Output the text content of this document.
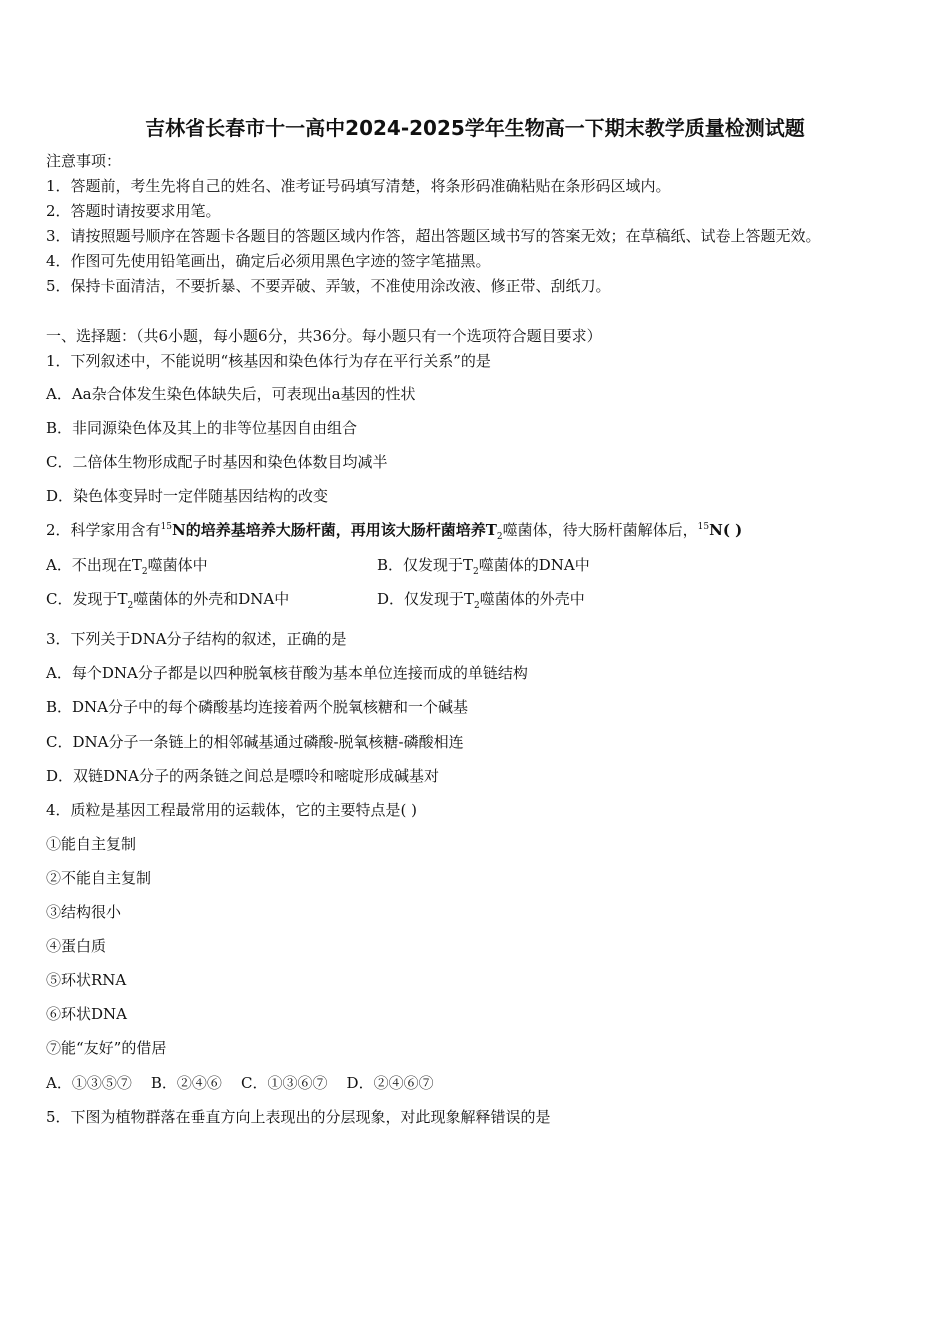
吉林省长春市十一高中2024-2025学年生物高一下期末教学质量检测试题
注意事项：
1．答题前，考生先将自己的姓名、准考证号码填写清楚，将条形码准确粘贴在条形码区域内。
2．答题时请按要求用笔。
3．请按照题号顺序在答题卡各题目的答题区域内作答，超出答题区域书写的答案无效；在草稿纸、试卷上答题无效。
4．作图可先使用铅笔画出，确定后必须用黑色字迹的签字笔描黑。
5．保持卡面清洁，不要折暴、不要弄破、弄皱，不准使用涂改液、修正带、刮纸刀。
一、选择题：（共6小题，每小题6分，共36分。每小题只有一个选项符合题目要求）
1．下列叙述中，不能说明“核基因和染色体行为存在平行关系”的是
A．Aa杂合体发生染色体缺失后，可表现出a基因的性状
B．非同源染色体及其上的非等位基因自由组合
C．二倍体生物形成配子时基因和染色体数目均减半
D．染色体变异时一定伴随基因结构的改变
2．科学家用含有$^{15}$N的培养基培养大肠杆菌，再用该大肠杆菌培养$T_2$噬菌体，待大肠杆菌解体后，$^{15}$N( )
A．不出现在$T_2$噬菌体中	B．仅发现于$T_2$噬菌体的DNA中
C．发现于$T_2$噬菌体的外壳和DNA中	D．仅发现于$T_2$噬菌体的外壳中
3．下列关于DNA分子结构的叙述，正确的是
A．每个DNA分子都是以四种脱氧核苷酸为基本单位连接而成的单链结构
B．DNA分子中的每个磷酸基均连接着两个脱氧核糖和一个碱基
C．DNA分子一条链上的相邻碱基通过磷酸-脱氧核糖-磷酸相连
D．双链DNA分子的两条链之间总是嘌呤和嘧啶形成碱基对
4．质粒是基因工程最常用的运载体，它的主要特点是( )
①能自主复制
②不能自主复制
③结构很小
④蛋白质
⑤环状RNA
⑥环状DNA
⑦能“友好”的借居
A．①③⑤⑦    B．②④⑥    C．①③⑥⑦    D．②④⑥⑦
5．下图为植物群落在垂直方向上表现出的分层现象，对此现象解释错误的是
